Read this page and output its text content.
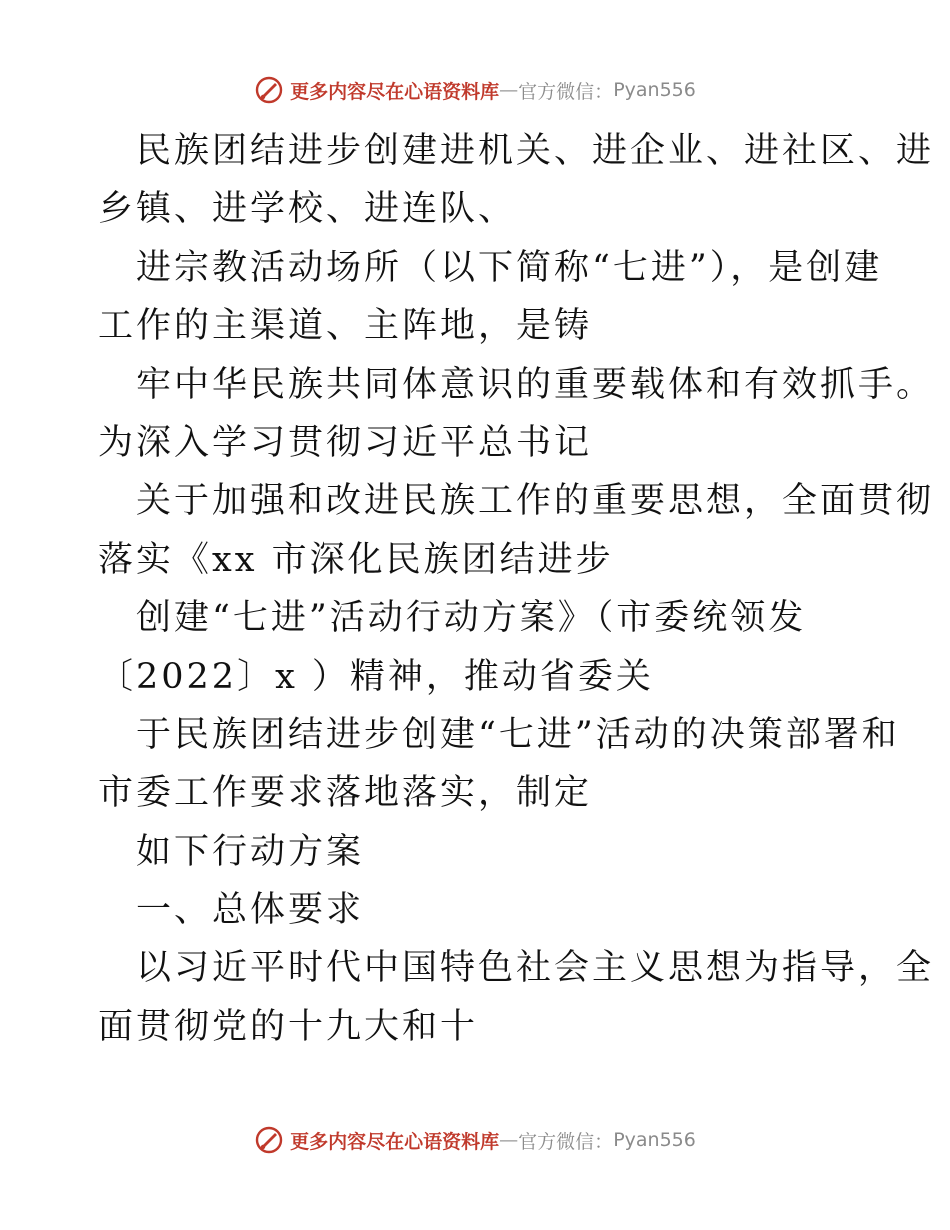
更多内容尽在心语资料库 — 官方微信： Pyan556
民族团结进步创建进机关、进企业、进社区、进
乡镇、进学校、进连队、
进宗教活动场所（以下简称“七进”），是创建
工作的主渠道、主阵地，是铸
牢中华民族共同体意识的重要载体和有效抓手。
为深入学习贯彻习近平总书记
关于加强和改进民族工作的重要思想，全面贯彻
落实《xx 市深化民族团结进步
创建“七进”活动行动方案》（市委统领发
〔2022〕x ）精神，推动省委关
于民族团结进步创建“七进”活动的决策部署和
市委工作要求落地落实，制定
如下行动方案
一、总体要求
以习近平时代中国特色社会主义思想为指导，全
面贯彻党的十九大和十
更多内容尽在心语资料库 — 官方微信： Pyan556
